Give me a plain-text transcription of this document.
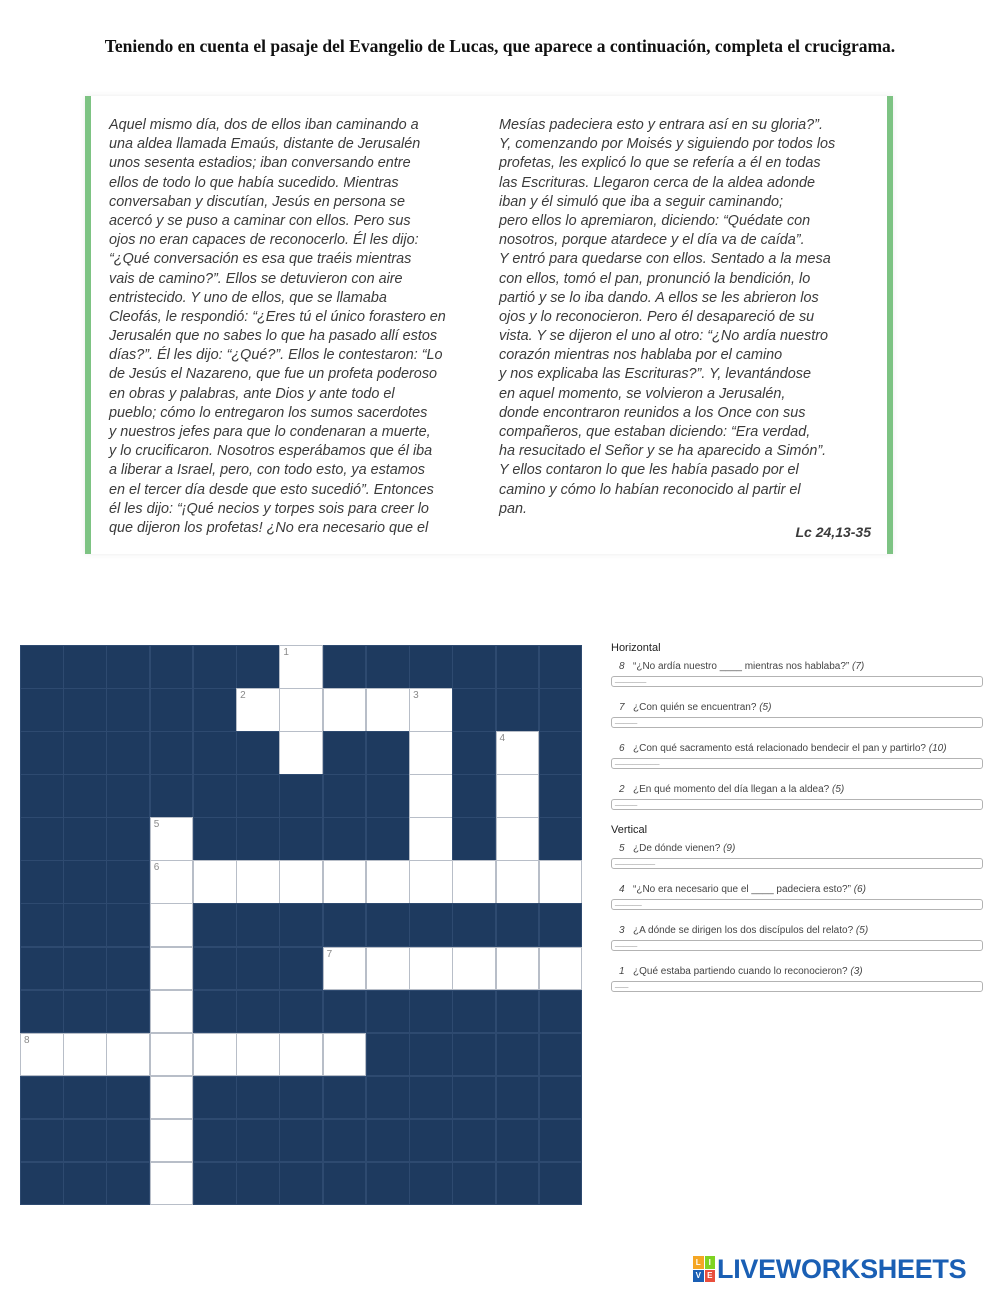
Teniendo en cuenta el pasaje del Evangelio de Lucas, que aparece a continuación, completa el crucigrama.
Aquel mismo día, dos de ellos iban caminando a
una aldea llamada Emaús, distante de Jerusalén
unos sesenta estadios; iban conversando entre
ellos de todo lo que había sucedido. Mientras
conversaban y discutían, Jesús en persona se
acercó y se puso a caminar con ellos. Pero sus
ojos no eran capaces de reconocerlo. Él les dijo:
“¿Qué conversación es esa que traéis mientras
vais de camino?”. Ellos se detuvieron con aire
entristecido. Y uno de ellos, que se llamaba
Cleofás, le respondió: “¿Eres tú el único forastero en
Jerusalén que no sabes lo que ha pasado allí estos
días?”. Él les dijo: “¿Qué?”. Ellos le contestaron: “Lo
de Jesús el Nazareno, que fue un profeta poderoso
en obras y palabras, ante Dios y ante todo el
pueblo; cómo lo entregaron los sumos sacerdotes
y nuestros jefes para que lo condenaran a muerte,
y lo crucificaron. Nosotros esperábamos que él iba
a liberar a Israel, pero, con todo esto, ya estamos
en el tercer día desde que esto sucedió”. Entonces
él les dijo: “¡Qué necios y torpes sois para creer lo
que dijeron los profetas! ¿No era necesario que el
Mesías padeciera esto y entrara así en su gloria?”.
Y, comenzando por Moisés y siguiendo por todos los
profetas, les explicó lo que se refería a él en todas
las Escrituras. Llegaron cerca de la aldea adonde
iban y él simuló que iba a seguir caminando;
pero ellos lo apremiaron, diciendo: “Quédate con
nosotros, porque atardece y el día va de caída”.
Y entró para quedarse con ellos. Sentado a la mesa
con ellos, tomó el pan, pronunció la bendición, lo
partió y se lo iba dando. A ellos se les abrieron los
ojos y lo reconocieron. Pero él desapareció de su
vista. Y se dijeron el uno al otro: “¿No ardía nuestro
corazón mientras nos hablaba por el camino
y nos explicaba las Escrituras?”. Y, levantándose
en aquel momento, se volvieron a Jerusalén,
donde encontraron reunidos a los Once con sus
compañeros, que estaban diciendo: “Era verdad,
ha resucitado el Señor y se ha aparecido a Simón”.
Y ellos contaron lo que les había pasado por el
camino y cómo lo habían reconocido al partir el
pan.
Lc 24,13-35
1
2	3
4
5
6
7
8
Horizontal
8 “¿No ardía nuestro ____ mientras nos hablaba?” (7)
_______
7 ¿Con quién se encuentran? (5)
_____
6 ¿Con qué sacramento está relacionado bendecir el pan y partirlo? (10)
__________
2 ¿En qué momento del día llegan a la aldea? (5)
_____
Vertical
5 ¿De dónde vienen? (9)
_________
4 “¿No era necesario que el ____ padeciera esto?” (6)
______
3 ¿A dónde se dirigen los dos discípulos del relato? (5)
_____
1 ¿Qué estaba partiendo cuando lo reconocieron? (3)
___
L I
V E LIVEWORKSHEETS
